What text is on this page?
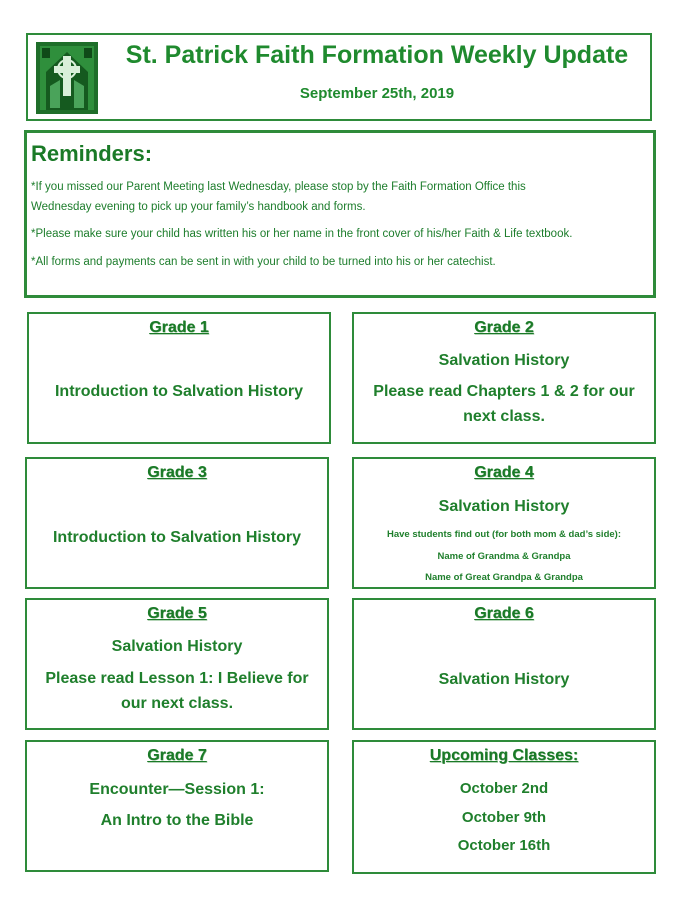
St. Patrick Faith Formation Weekly Update
September 25th, 2019
Reminders:
*If you missed our Parent Meeting last Wednesday, please stop by the Faith Formation Office this
Wednesday evening to pick up your family’s handbook and forms.
*Please make sure your child has written his or her name in the front cover of his/her Faith & Life textbook.
*All forms and payments can be sent in with your child to be turned into his or her catechist.
Grade 1
Introduction to Salvation History
Grade 2
Salvation History
Please read Chapters 1 & 2 for our
next class.
Grade 3
Introduction to Salvation History
Grade 4
Salvation History
Have students find out (for both mom & dad’s side):
Name of Grandma & Grandpa
Name of Great Grandpa & Grandpa
Grade 5
Salvation History
Please read Lesson 1: I Believe for
our next class.
Grade 6
Salvation History
Grade 7
Encounter—Session 1:
An Intro to the Bible
Upcoming Classes:
October 2nd
October 9th
October 16th
